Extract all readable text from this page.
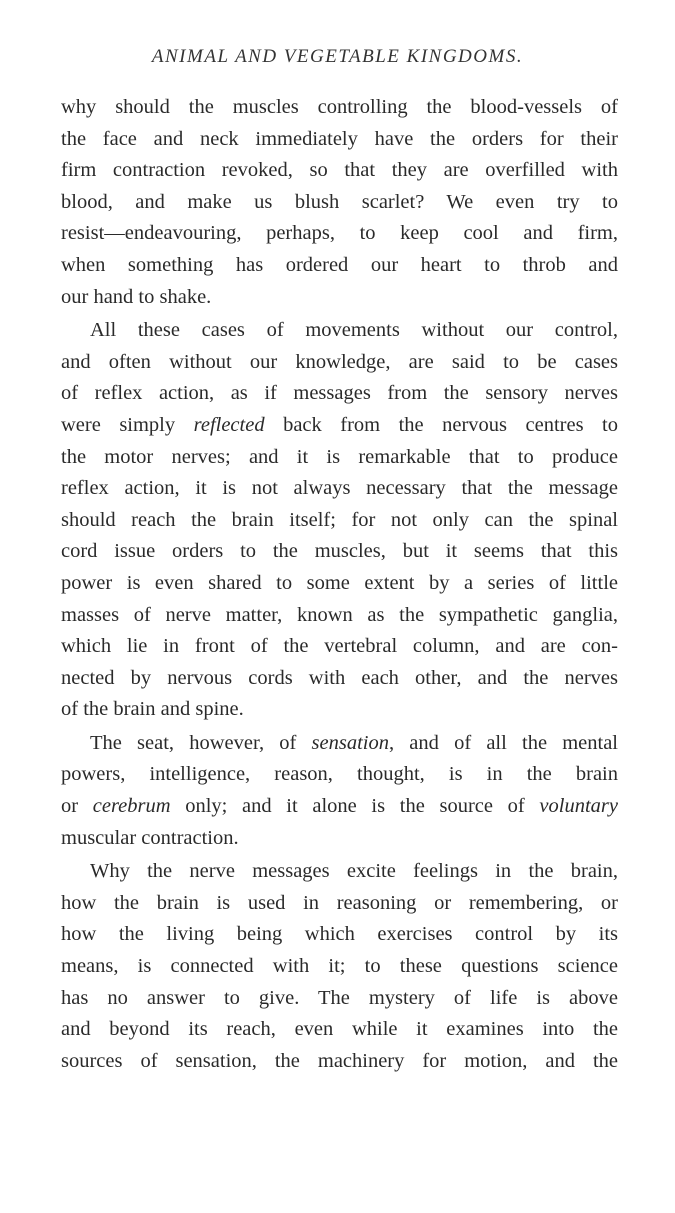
ANIMAL AND VEGETABLE KINGDOMS.
why should the muscles controlling the blood-vessels of
the face and neck immediately have the orders for their
firm contraction revoked, so that they are overfilled with
blood, and make us blush scarlet? We even try to
resist—endeavouring, perhaps, to keep cool and firm,
when something has ordered our heart to throb and
our hand to shake.
All these cases of movements without our control,
and often without our knowledge, are said to be cases
of reflex action, as if messages from the sensory nerves
were simply reflected back from the nervous centres to
the motor nerves; and it is remarkable that to produce
reflex action, it is not always necessary that the message
should reach the brain itself; for not only can the spinal
cord issue orders to the muscles, but it seems that this
power is even shared to some extent by a series of little
masses of nerve matter, known as the sympathetic ganglia,
which lie in front of the vertebral column, and are con-
nected by nervous cords with each other, and the nerves
of the brain and spine.
The seat, however, of sensation, and of all the mental
powers, intelligence, reason, thought, is in the brain
or cerebrum only; and it alone is the source of voluntary
muscular contraction.
Why the nerve messages excite feelings in the brain,
how the brain is used in reasoning or remembering, or
how the living being which exercises control by its
means, is connected with it; to these questions science
has no answer to give. The mystery of life is above
and beyond its reach, even while it examines into the
sources of sensation, the machinery for motion, and the
